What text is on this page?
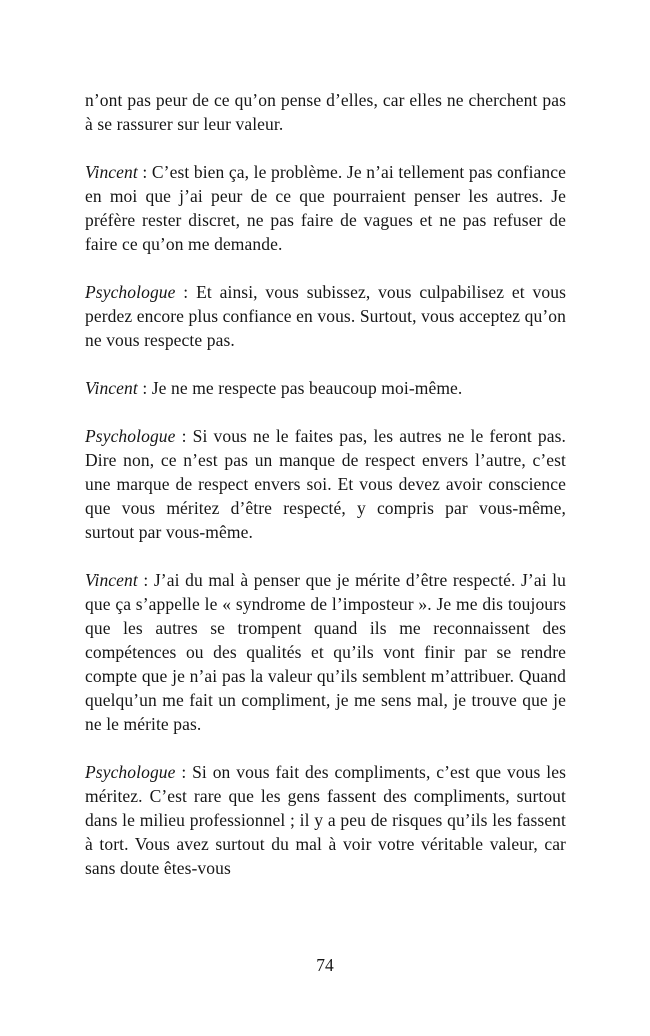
n’ont pas peur de ce qu’on pense d’elles, car elles ne cherchent pas à se rassurer sur leur valeur.

Vincent : C’est bien ça, le problème. Je n’ai tellement pas confiance en moi que j’ai peur de ce que pourraient penser les autres. Je préfère rester discret, ne pas faire de vagues et ne pas refuser de faire ce qu’on me demande.

Psychologue : Et ainsi, vous subissez, vous culpabilisez et vous perdez encore plus confiance en vous. Surtout, vous acceptez qu’on ne vous respecte pas.

Vincent : Je ne me respecte pas beaucoup moi-même.

Psychologue : Si vous ne le faites pas, les autres ne le feront pas. Dire non, ce n’est pas un manque de respect envers l’autre, c’est une marque de respect envers soi. Et vous devez avoir conscience que vous méritez d’être respecté, y compris par vous-même, surtout par vous-même.

Vincent : J’ai du mal à penser que je mérite d’être respecté. J’ai lu que ça s’appelle le « syndrome de l’imposteur ». Je me dis toujours que les autres se trompent quand ils me reconnaissent des compétences ou des qualités et qu’ils vont finir par se rendre compte que je n’ai pas la valeur qu’ils semblent m’attribuer. Quand quelqu’un me fait un compliment, je me sens mal, je trouve que je ne le mérite pas.

Psychologue : Si on vous fait des compliments, c’est que vous les méritez. C’est rare que les gens fassent des compliments, surtout dans le milieu professionnel ; il y a peu de risques qu’ils les fassent à tort. Vous avez surtout du mal à voir votre véritable valeur, car sans doute êtes-vous

74
